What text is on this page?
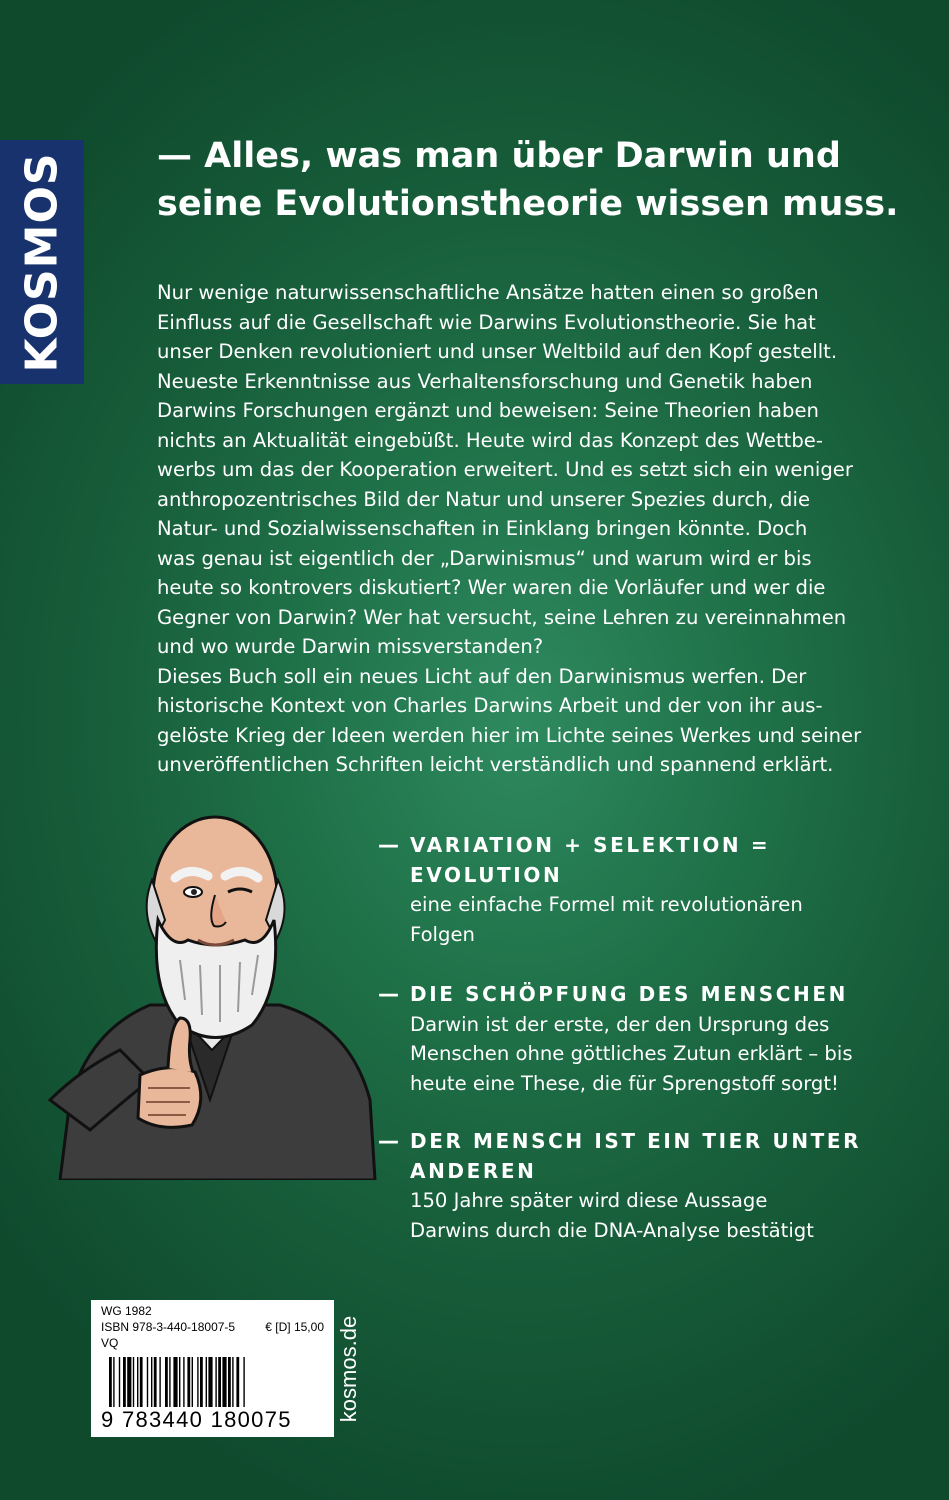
KOSMOS	— Alles, was man über Darwin und
seine Evolutionstheorie wissen muss.

Nur wenige naturwissenschaftliche Ansätze hatten einen so großen
Einfluss auf die Gesellschaft wie Darwins Evolutionstheorie. Sie hat
unser Denken revolutioniert und unser Weltbild auf den Kopf gestellt.
Neueste Erkenntnisse aus Verhaltensforschung und Genetik haben
Darwins Forschungen ergänzt und beweisen: Seine Theorien haben
nichts an Aktualität eingebüßt. Heute wird das Konzept des Wettbe-
werbs um das der Kooperation erweitert. Und es setzt sich ein weniger
anthropozentrisches Bild der Natur und unserer Spezies durch, die
Natur- und Sozialwissenschaften in Einklang bringen könnte. Doch
was genau ist eigentlich der „Darwinismus“ und warum wird er bis
heute so kontrovers diskutiert? Wer waren die Vorläufer und wer die
Gegner von Darwin? Wer hat versucht, seine Lehren zu vereinnahmen
und wo wurde Darwin missverstanden?
Dieses Buch soll ein neues Licht auf den Darwinismus werfen. Der
historische Kontext von Charles Darwins Arbeit und der von ihr aus-
gelöste Krieg der Ideen werden hier im Lichte seines Werkes und seiner
unveröffentlichen Schriften leicht verständlich und spannend erklärt.

— VARIATION + SELEKTION =
EVOLUTION
eine einfache Formel mit revolutionären
Folgen
— DIE SCHÖPFUNG DES MENSCHEN
Darwin ist der erste, der den Ursprung des
Menschen ohne göttliches Zutun erklärt – bis
heute eine These, die für Sprengstoff sorgt!
— DER MENSCH IST EIN TIER UNTER
ANDEREN
150 Jahre später wird diese Aussage
Darwins durch die DNA-Analyse bestätigt
WG 1982
ISBN 978-3-440-18007-5	€ [D] 15,00
VQ
9 783440 180075	kosmos.de
